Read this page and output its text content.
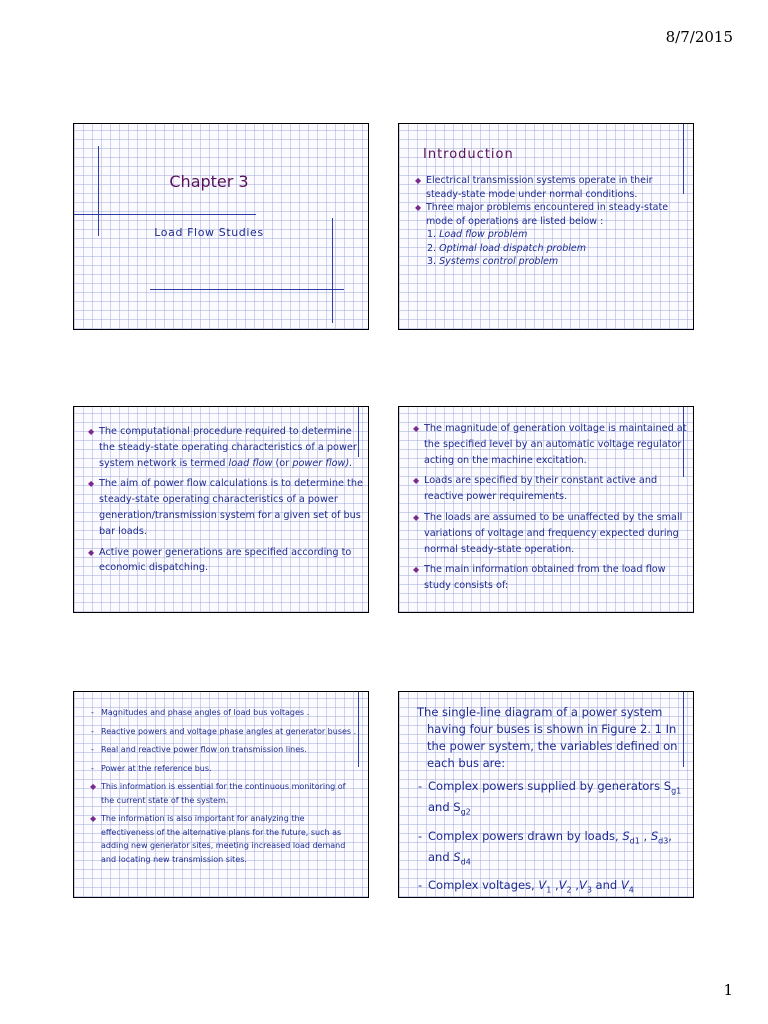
8/7/2015
Chapter 3
Load Flow Studies
Introduction
◆ Electrical transmission systems operate in their steady-state mode under normal conditions.
◆ Three major problems encountered in steady-state mode of operations are listed below :
1. Load flow problem
2. Optimal load dispatch problem
3. Systems control problem
◆ The computational procedure required to determine the steady-state operating characteristics of a power system network is termed load flow (or power flow).
◆ The aim of power flow calculations is to determine the steady-state operating characteristics of a power generation/transmission system for a given set of bus bar loads.
◆ Active power generations are specified according to economic dispatching.
◆ The magnitude of generation voltage is maintained at the specified level by an automatic voltage regulator acting on the machine excitation.
◆ Loads are specified by their constant active and reactive power requirements.
◆ The loads are assumed to be unaffected by the small variations of voltage and frequency expected during normal steady-state operation.
◆ The main information obtained from the load flow study consists of:
- Magnitudes and phase angles of load bus voltages .
- Reactive powers and voltage phase angles at generator buses .
- Real and reactive power flow on transmission lines.
- Power at the reference bus.
◆ This information is essential for the continuous monitoring of the current state of the system.
◆ The information is also important for analyzing the effectiveness of the alternative plans for the future, such as adding new generator sites, meeting increased load demand and locating new transmission sites.
The single-line diagram of a power system having four buses is shown in Figure 2. 1 In the power system, the variables defined on each bus are:
- Complex powers supplied by generators $S_{g1}$ and $S_{g2}$
- Complex powers drawn by loads, $S_{d1}$ , $S_{d3}$, and $S_{d4}$
- Complex voltages, $V_1$ $,V_2$ $,V_3$ and $V_4$
1
